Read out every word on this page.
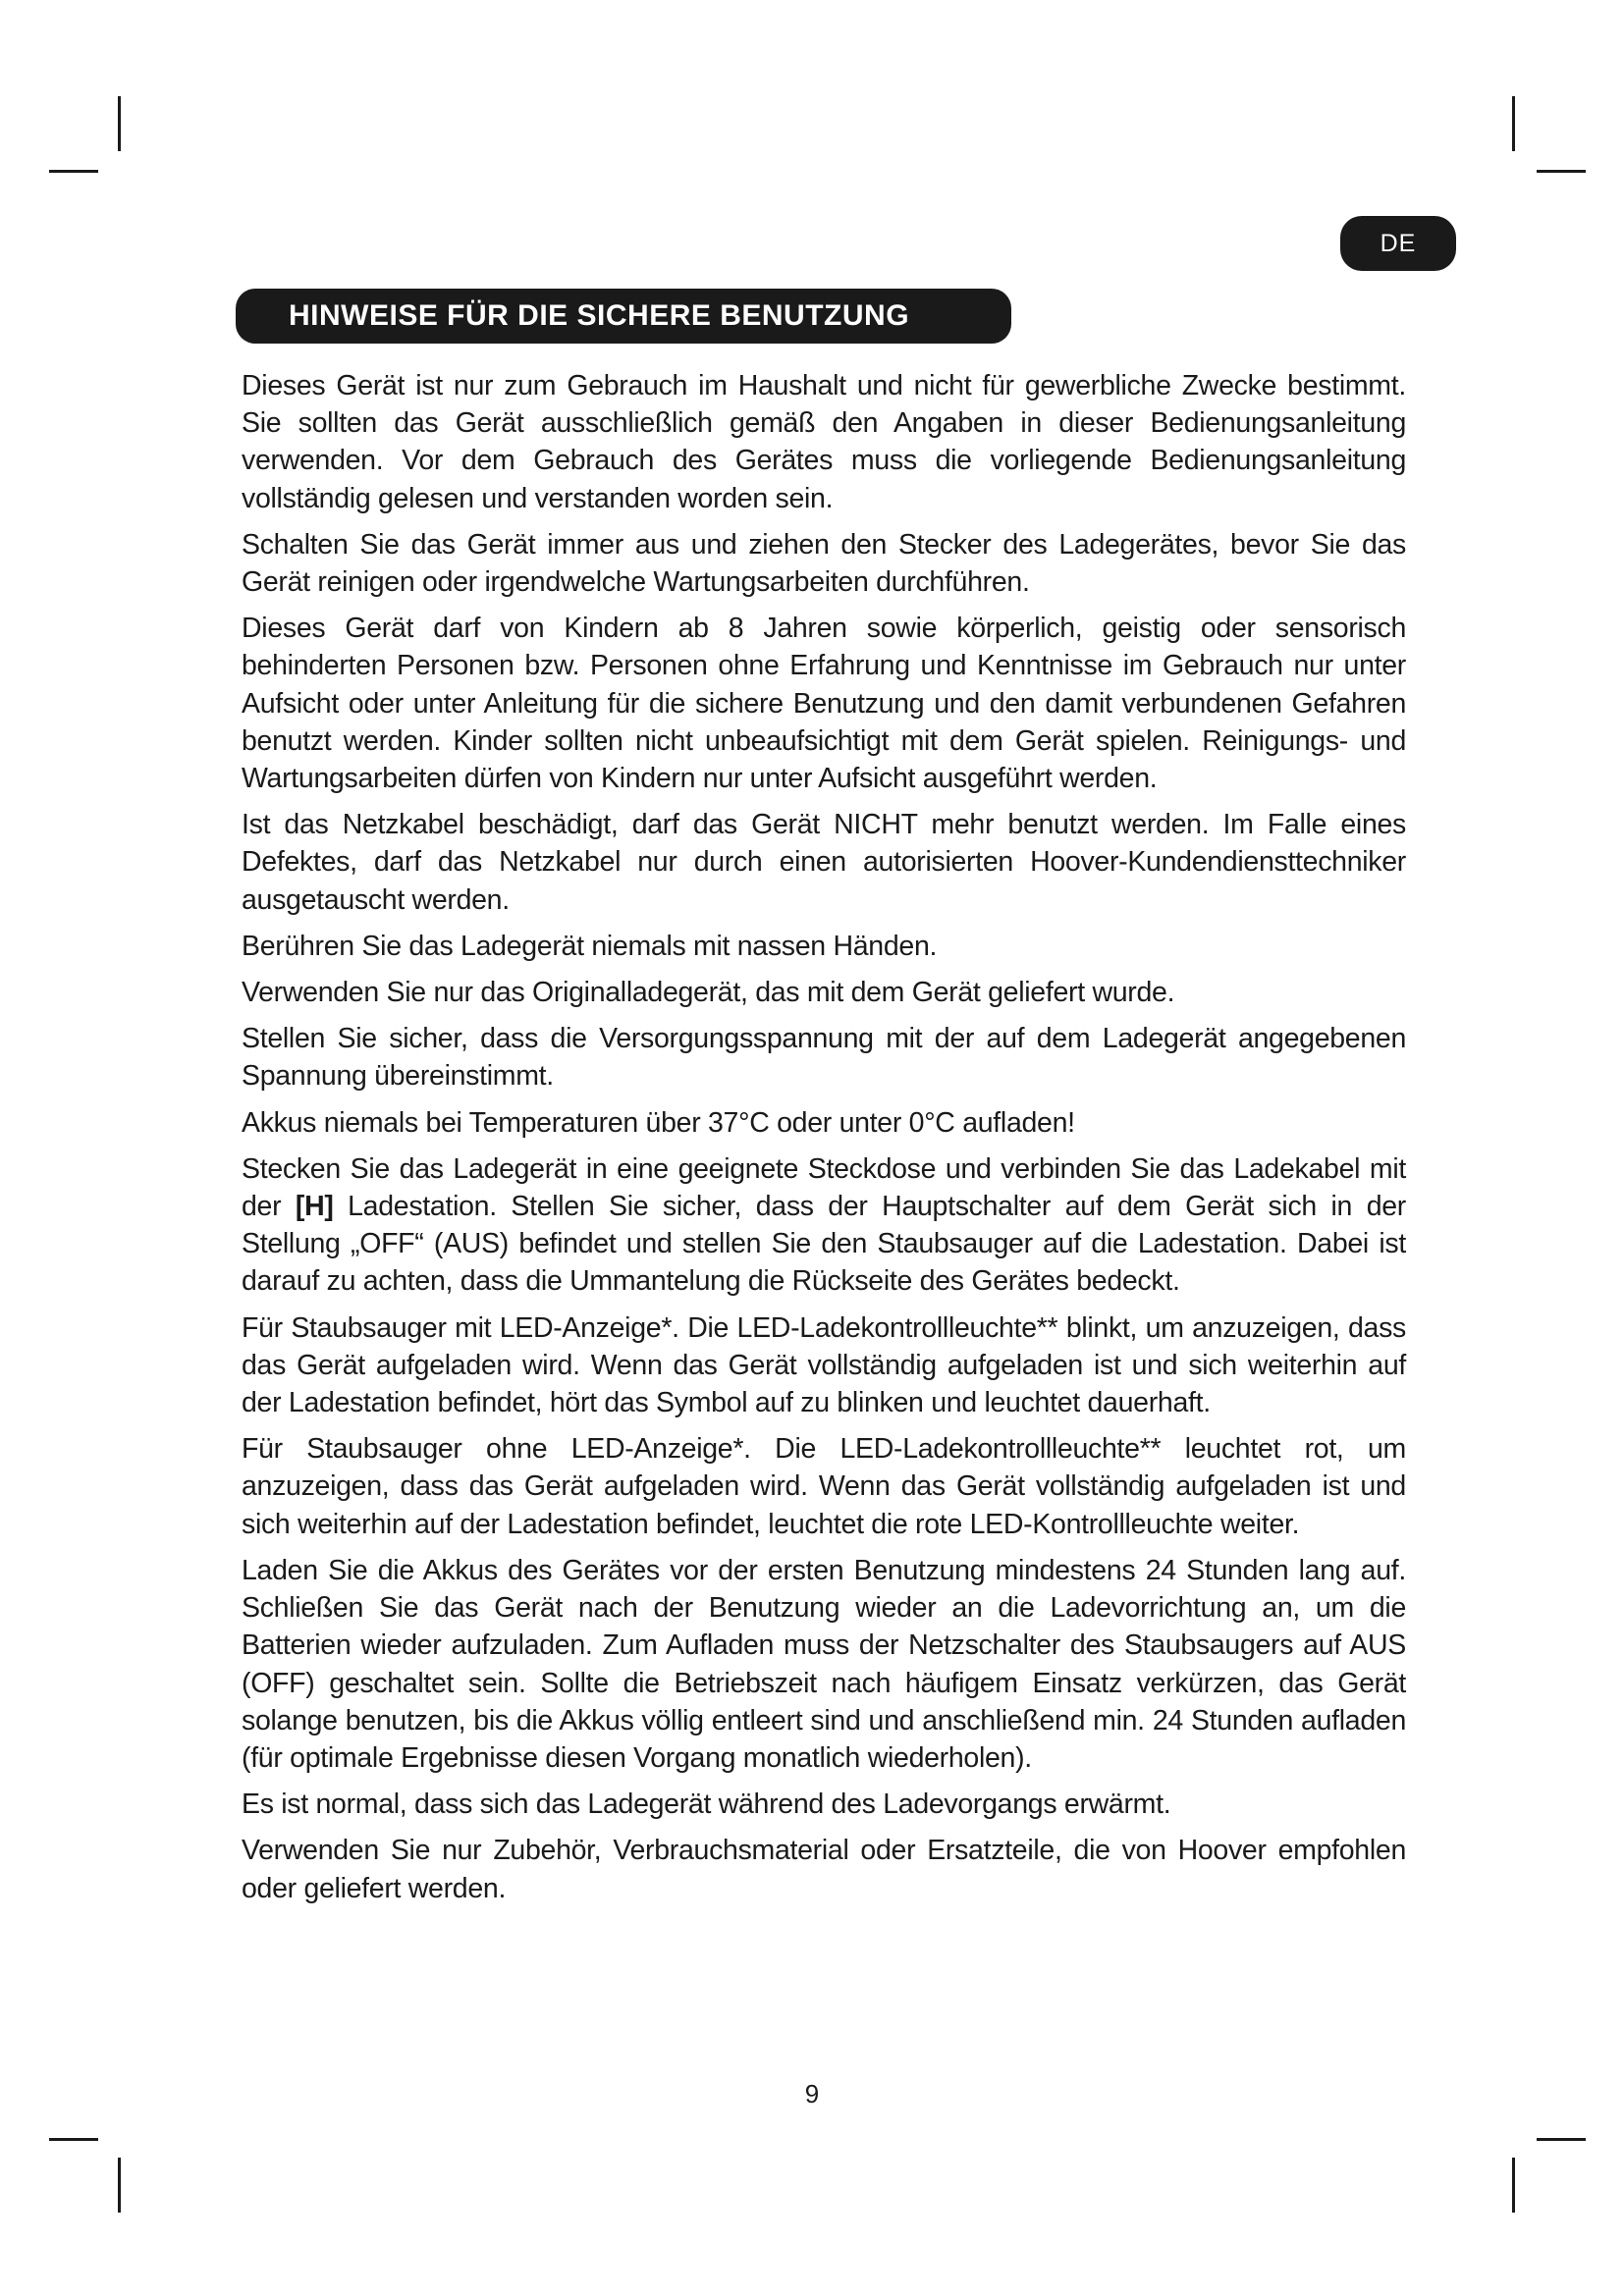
DE
HINWEISE FÜR DIE SICHERE BENUTZUNG

Dieses Gerät ist nur zum Gebrauch im Haushalt und nicht für gewerbliche Zwecke bestimmt. Sie sollten das Gerät ausschließlich gemäß den Angaben in dieser Bedienungsanleitung verwenden. Vor dem Gebrauch des Gerätes muss die vorliegende Bedienungsanleitung vollständig gelesen und verstanden worden sein.

Schalten Sie das Gerät immer aus und ziehen den Stecker des Ladegerätes, bevor Sie das Gerät reinigen oder irgendwelche Wartungsarbeiten durchführen.

Dieses Gerät darf von Kindern ab 8 Jahren sowie körperlich, geistig oder sensorisch behinderten Personen bzw. Personen ohne Erfahrung und Kenntnisse im Gebrauch nur unter Aufsicht oder unter Anleitung für die sichere Benutzung und den damit verbundenen Gefahren benutzt werden. Kinder sollten nicht unbeaufsichtigt mit dem Gerät spielen. Reinigungs- und Wartungsarbeiten dürfen von Kindern nur unter Aufsicht ausgeführt werden.

Ist das Netzkabel beschädigt, darf das Gerät NICHT mehr benutzt werden. Im Falle eines Defektes, darf das Netzkabel nur durch einen autorisierten Hoover-Kundendiensttechniker ausgetauscht werden.

Berühren Sie das Ladegerät niemals mit nassen Händen.

Verwenden Sie nur das Originalladegerät, das mit dem Gerät geliefert wurde.

Stellen Sie sicher, dass die Versorgungsspannung mit der auf dem Ladegerät angegebenen Spannung übereinstimmt.

Akkus niemals bei Temperaturen über 37°C oder unter 0°C aufladen!

Stecken Sie das Ladegerät in eine geeignete Steckdose und verbinden Sie das Ladekabel mit der [H] Ladestation. Stellen Sie sicher, dass der Hauptschalter auf dem Gerät sich in der Stellung „OFF“ (AUS) befindet und stellen Sie den Staubsauger auf die Ladestation. Dabei ist darauf zu achten, dass die Ummantelung die Rückseite des Gerätes bedeckt.

Für Staubsauger mit LED-Anzeige*. Die LED-Ladekontrollleuchte** blinkt, um anzuzeigen, dass das Gerät aufgeladen wird. Wenn das Gerät vollständig aufgeladen ist und sich weiterhin auf der Ladestation befindet, hört das Symbol auf zu blinken und leuchtet dauerhaft.

Für Staubsauger ohne LED-Anzeige*. Die LED-Ladekontrollleuchte** leuchtet rot, um anzuzeigen, dass das Gerät aufgeladen wird. Wenn das Gerät vollständig aufgeladen ist und sich weiterhin auf der Ladestation befindet, leuchtet die rote LED-Kontrollleuchte weiter.

Laden Sie die Akkus des Gerätes vor der ersten Benutzung mindestens 24 Stunden lang auf. Schließen Sie das Gerät nach der Benutzung wieder an die Ladevorrichtung an, um die Batterien wieder aufzuladen. Zum Aufladen muss der Netzschalter des Staubsaugers auf AUS (OFF) geschaltet sein. Sollte die Betriebszeit nach häufigem Einsatz verkürzen, das Gerät solange benutzen, bis die Akkus völlig entleert sind und anschließend min. 24 Stunden aufladen (für optimale Ergebnisse diesen Vorgang monatlich wiederholen).

Es ist normal, dass sich das Ladegerät während des Ladevorgangs erwärmt.

Verwenden Sie nur Zubehör, Verbrauchsmaterial oder Ersatzteile, die von Hoover empfohlen oder geliefert werden.

9
